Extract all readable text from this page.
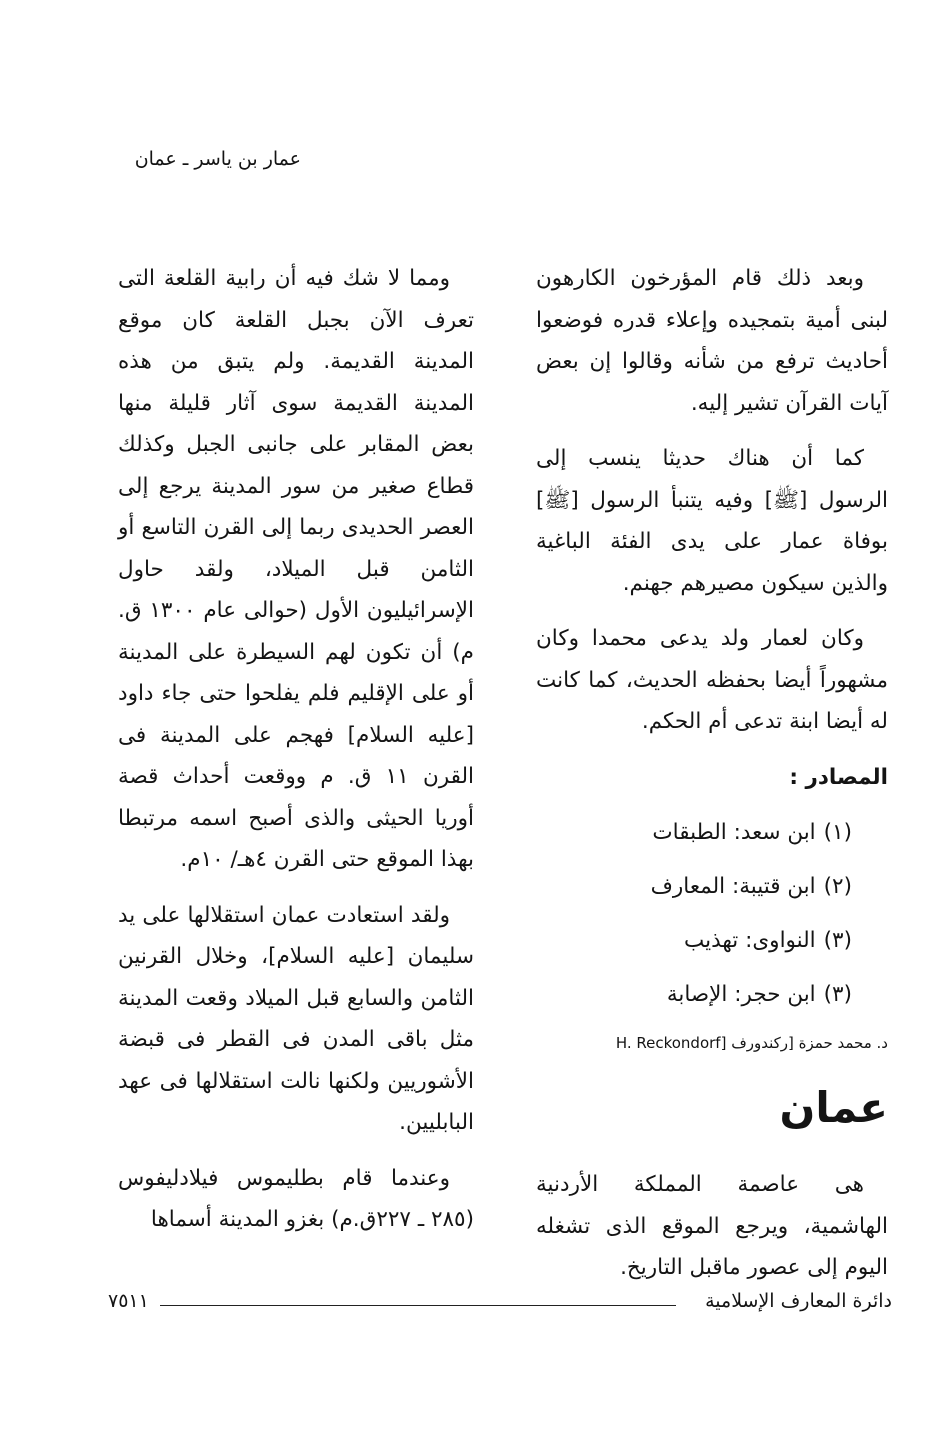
عمار بن ياسر ـ عمان

وبعد ذلك قام المؤرخون الكارهون لبنى أمية بتمجيده وإعلاء قدره فوضعوا أحاديث ترفع من شأنه وقالوا إن بعض آيات القرآن تشير إليه.

كما أن هناك حديثا ينسب إلى الرسول [ﷺ] وفيه يتنبأ الرسول [ﷺ] بوفاة عمار على يدى الفئة الباغية والذين سيكون مصيرهم جهنم.

وكان لعمار ولد يدعى محمدا وكان مشهوراً أيضا بحفظه الحديث، كما كانت له أيضا ابنة تدعى أم الحكم.

المصادر :

(١)ابن سعد: الطبقات
(٢)ابن قتيبة: المعارف
(٣)النواوى: تهذيب
(٣)ابن حجر: الإصابة
د. محمد حمزة [ركندورف H. Reckondorf]
عمان

هى عاصمة المملكة الأردنية الهاشمية، ويرجع الموقع الذى تشغله اليوم إلى عصور ماقبل التاريخ.

ومما لا شك فيه أن رابية القلعة التى تعرف الآن بجبل القلعة كان موقع المدينة القديمة. ولم يتبق من هذه المدينة القديمة سوى آثار قليلة منها بعض المقابر على جانبى الجبل وكذلك قطاع صغير من سور المدينة يرجع إلى العصر الحديدى ربما إلى القرن التاسع أو الثامن قبل الميلاد، ولقد حاول الإسرائيليون الأول (حوالى عام ١٣٠٠ ق. م) أن تكون لهم السيطرة على المدينة أو على الإقليم فلم يفلحوا حتى جاء داود [عليه السلام] فهجم على المدينة فى القرن ١١ ق. م ووقعت أحداث قصة أوريا الحيثى والذى أصبح اسمه مرتبطا بهذا الموقع حتى القرن ٤هـ/ ١٠م.

ولقد استعادت عمان استقلالها على يد سليمان [عليه السلام]، وخلال القرنين الثامن والسابع قبل الميلاد وقعت المدينة مثل باقى المدن فى القطر فى قبضة الأشوريين ولكنها نالت استقلالها فى عهد البابليين.

وعندما قام بطليموس فيلادليفوس (٢٨٥ ـ ٢٢٧ق.م) بغزو المدينة أسماها

٧٥١١	دائرة المعارف الإسلامية
